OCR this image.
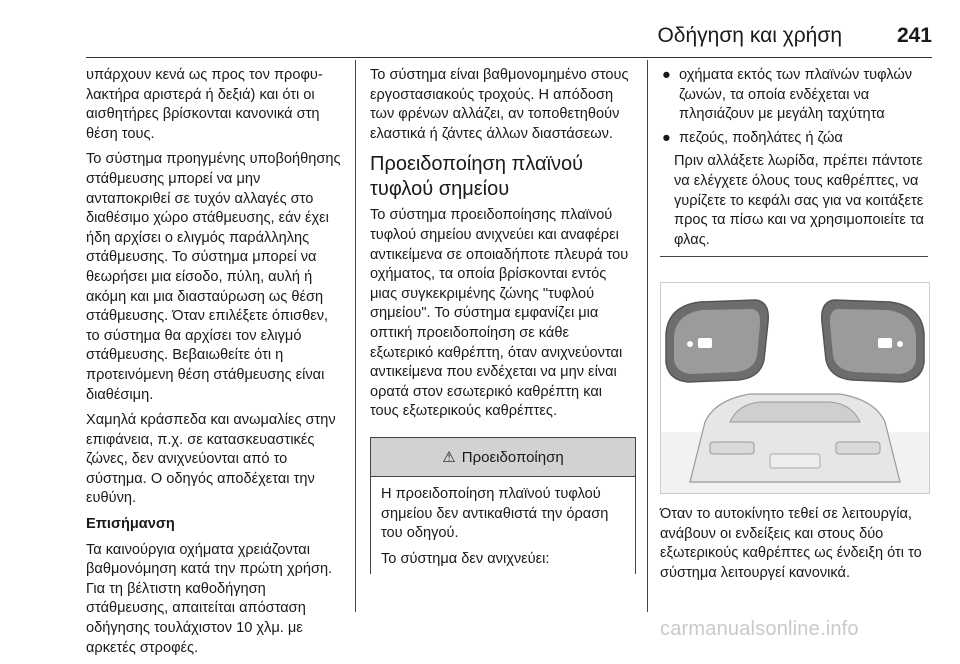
Οδήγηση και χρήση	241

υπάρχουν κενά ως προς τον προφυλακτήρα αριστερά ή δεξιά) και ότι οι αισθητήρες βρίσκονται κανονικά στη θέση τους.

Το σύστημα προηγμένης υποβοήθησης στάθμευσης μπορεί να μην ανταποκριθεί σε τυχόν αλλαγές στο διαθέσιμο χώρο στάθμευσης, εάν έχει ήδη αρχίσει ο ελιγμός παράλληλης στάθμευσης. Το σύστημα μπορεί να θεωρήσει μια είσοδο, πύλη, αυλή ή ακόμη και μια διασταύρωση ως θέση στάθμευσης. Όταν επιλέξετε όπισθεν, το σύστημα θα αρχίσει τον ελιγμό στάθμευσης. Βεβαιωθείτε ότι η προτεινόμενη θέση στάθμευσης είναι διαθέσιμη.

Χαμηλά κράσπεδα και ανωμαλίες στην επιφάνεια, π.χ. σε κατασκευαστικές ζώνες, δεν ανιχνεύονται από το σύστημα. Ο οδηγός αποδέχεται την ευθύνη.

Επισήμανση

Τα καινούργια οχήματα χρειάζονται βαθμονόμηση κατά την πρώτη χρήση. Για τη βέλτιστη καθοδήγηση στάθμευσης, απαιτείται απόσταση οδήγησης τουλάχιστον 10 χλμ. με αρκετές στροφές.

Το σύστημα είναι βαθμονομημένο στους εργοστασιακούς τροχούς. Η απόδοση των φρένων αλλάζει, αν τοποθετηθούν ελαστικά ή ζάντες άλλων διαστάσεων.

Προειδοποίηση πλαϊνού τυφλού σημείου

Το σύστημα προειδοποίησης πλαϊνού τυφλού σημείου ανιχνεύει και αναφέρει αντικείμενα σε οποιαδήποτε πλευρά του οχήματος, τα οποία βρίσκονται εντός μιας συγκεκριμένης ζώνης "τυφλού σημείου". Το σύστημα εμφανίζει μια οπτική προειδοποίηση σε κάθε εξωτερικό καθρέπτη, όταν ανιχνεύονται αντικείμενα που ενδέχεται να μην είναι ορατά στον εσωτερικό καθρέπτη και τους εξωτερικούς καθρέπτες.

⚠ Προειδοποίηση

Η προειδοποίηση πλαϊνού τυφλού σημείου δεν αντικαθιστά την όραση του οδηγού.

Το σύστημα δεν ανιχνεύει:

● οχήματα εκτός των πλαϊνών τυφλών ζωνών, τα οποία ενδέχεται να πλησιάζουν με μεγάλη ταχύτητα
● πεζούς, ποδηλάτες ή ζώα
Πριν αλλάξετε λωρίδα, πρέπει πάντοτε να ελέγχετε όλους τους καθρέπτες, να γυρίζετε το κεφάλι σας για να κοιτάξετε προς τα πίσω και να χρησιμοποιείτε τα φλας.
Όταν το αυτοκίνητο τεθεί σε λειτουργία, ανάβουν οι ενδείξεις και στους δύο εξωτερικούς καθρέπτες ως ένδειξη ότι το σύστημα λειτουργεί κανονικά.
carmanualsonline.info
